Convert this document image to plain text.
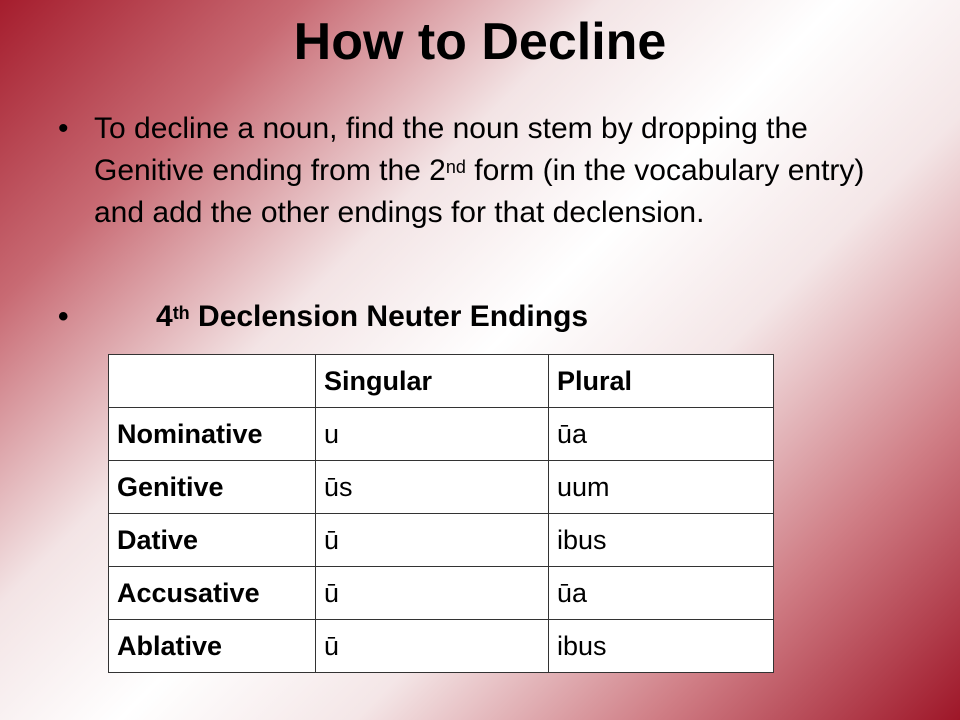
How to Decline
• To decline a noun, find the noun stem by dropping the Genitive ending from the 2nd form (in the vocabulary entry) and add the other endings for that declension.
•	4th Declension Neuter Endings
	Singular	Plural
Nominative	u	ūa
Genitive	ūs	uum
Dative	ū	ibus
Accusative	ū	ūa
Ablative	ū	ibus
